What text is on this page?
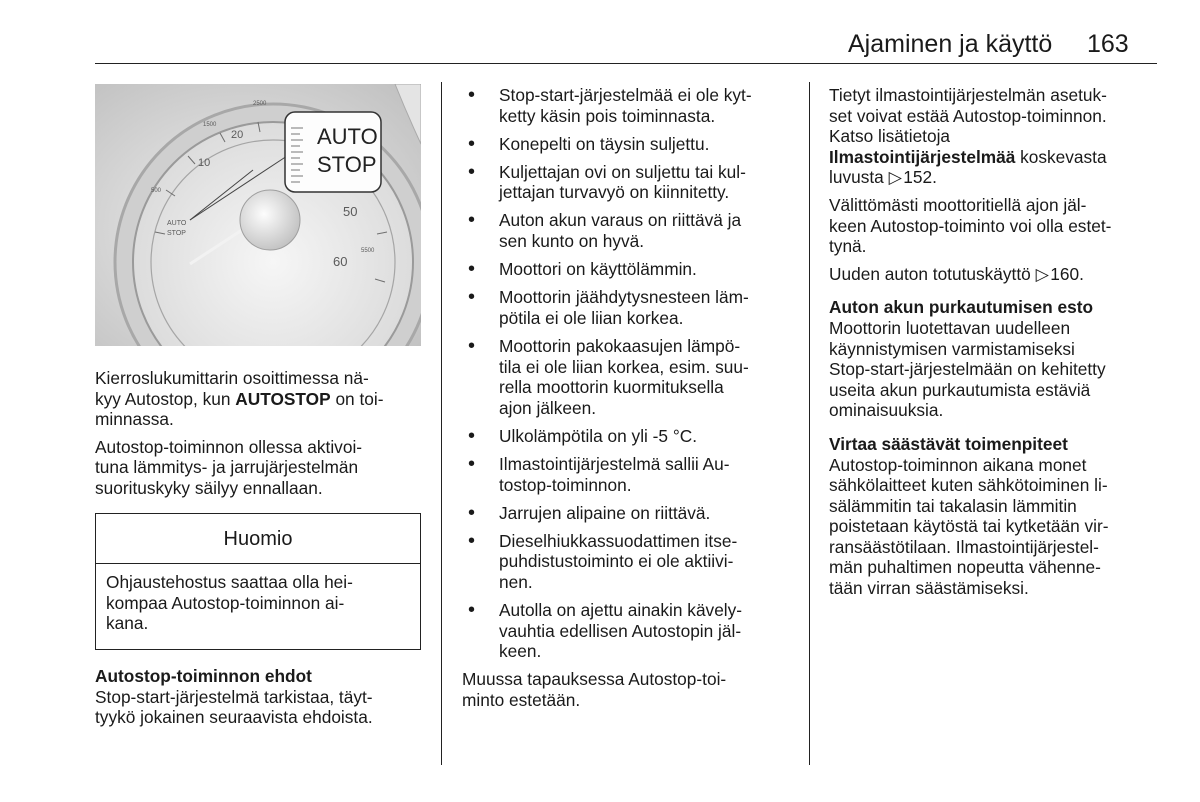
Ajaminen ja käyttö 163
10
20
50
60
1500
2500
500
5500
AUTO
STOP
AUTO
STOP

Kierroslukumittarin osoittimessa nä-
kyy Autostop, kun AUTOSTOP on toi-
minnassa.

Autostop-toiminnon ollessa aktivoi-
tuna lämmitys- ja jarrujärjestelmän
suorituskyky säilyy ennallaan.

Huomio
Ohjaustehostus saattaa olla hei-
kompaa Autostop-toiminnon ai-
kana.

Autostop-toiminnon ehdot

Stop-start-järjestelmä tarkistaa, täyt-
tyykö jokainen seuraavista ehdoista.

• Stop-start-järjestelmää ei ole kyt-
ketty käsin pois toiminnasta.
• Konepelti on täysin suljettu.
• Kuljettajan ovi on suljettu tai kul-
jettajan turvavyö on kiinnitetty.
• Auton akun varaus on riittävä ja
sen kunto on hyvä.
• Moottori on käyttölämmin.
• Moottorin jäähdytysnesteen läm-
pötila ei ole liian korkea.
• Moottorin pakokaasujen lämpö-
tila ei ole liian korkea, esim. suu-
rella moottorin kuormituksella
ajon jälkeen.
• Ulkolämpötila on yli -5 °C.
• Ilmastointijärjestelmä sallii Au-
tostop-toiminnon.
• Jarrujen alipaine on riittävä.
• Dieselhiukkassuodattimen itse-
puhdistustoiminto ei ole aktiivi-
nen.
• Autolla on ajettu ainakin kävely-
vauhtia edellisen Autostopin jäl-
keen.

Muussa tapauksessa Autostop-toi-
minto estetään.

Tietyt ilmastointijärjestelmän asetuk-
set voivat estää Autostop-toiminnon.
Katso lisätietoja
Ilmastointijärjestelmää koskevasta
luvusta ▷ 152.

Välittömästi moottoritiellä ajon jäl-
keen Autostop-toiminto voi olla estet-
tynä.

Uuden auton totutuskäyttö ▷ 160.

Auton akun purkautumisen esto

Moottorin luotettavan uudelleen
käynnistymisen varmistamiseksi
Stop-start-järjestelmään on kehitetty
useita akun purkautumista estäviä
ominaisuuksia.

Virtaa säästävät toimenpiteet

Autostop-toiminnon aikana monet
sähkölaitteet kuten sähkötoiminen li-
sälämmitin tai takalasin lämmitin
poistetaan käytöstä tai kytketään vir-
ransäästötilaan. Ilmastointijärjestel-
män puhaltimen nopeutta vähenne-
tään virran säästämiseksi.
